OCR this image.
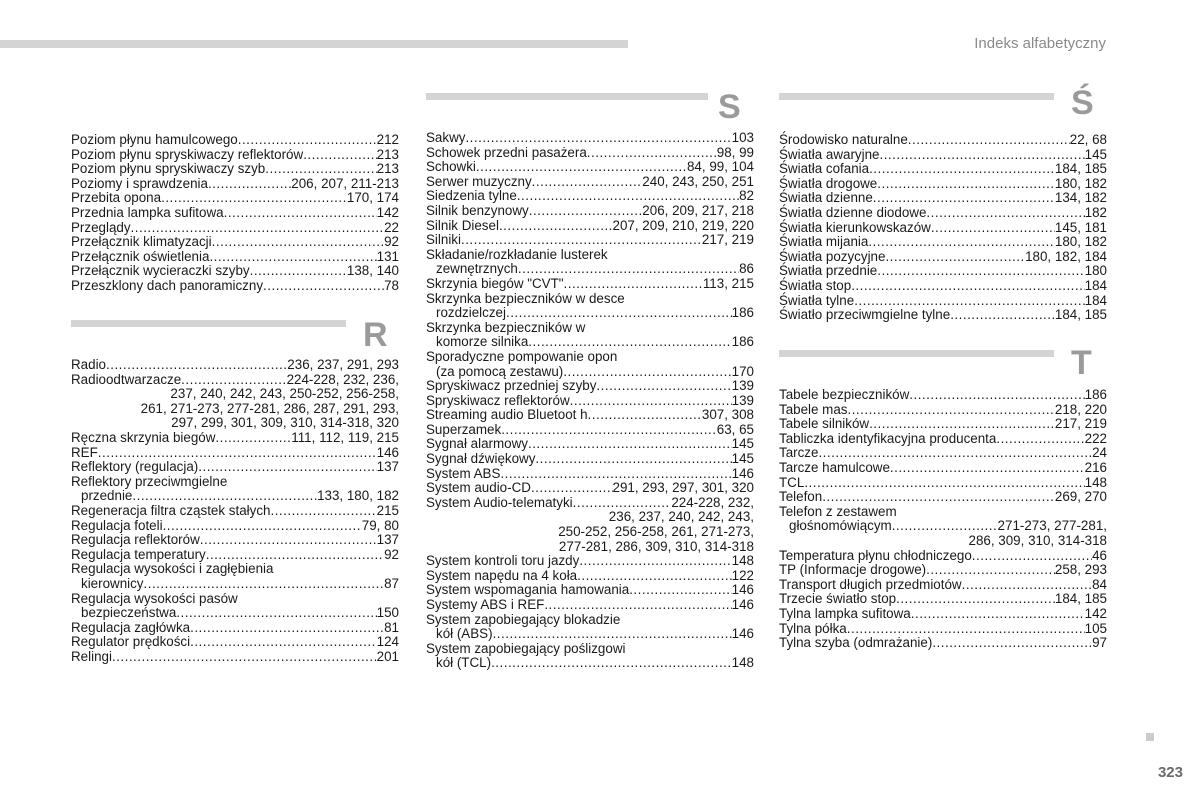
Indeks alfabetyczny
Poziom płynu hamulcowego .....	212
Poziom płynu spryskiwaczy reflektorów .....	213
Poziom płynu spryskiwaczy szyb .....	213
Poziomy i sprawdzenia .....	206, 207, 211-213
Przebita opona .....	170, 174
Przednia lampka sufitowa .....	142
Przeglądy .....	22
Przełącznik klimatyzacji .....	92
Przełącznik oświetlenia .....	131
Przełącznik wycieraczki szyby .....	138, 140
Przeszklony dach panoramiczny .....	78
R
Radio .....	236, 237, 291, 293
Radioodtwarzacze .....	224-228, 232, 236,
237, 240, 242, 243, 250-252, 256-258,
261, 271-273, 277-281, 286, 287, 291, 293,
297, 299, 301, 309, 310, 314-318, 320
Ręczna skrzynia biegów .....	111, 112, 119, 215
REF .....	146
Reflektory (regulacja) .....	137
Reflektory przeciwmgielne
przednie .....	133, 180, 182
Regeneracja filtra cząstek stałych .....	215
Regulacja foteli .....	79, 80
Regulacja reflektorów .....	137
Regulacja temperatury .....	92
Regulacja wysokości i zagłębienia
kierownicy .....	87
Regulacja wysokości pasów
bezpieczeństwa .....	150
Regulacja zagłówka .....	81
Regulator prędkości .....	124
Relingi .....	201
S
Sakwy .....	103
Schowek przedni pasażera .....	98, 99
Schowki .....	84, 99, 104
Serwer muzyczny .....	240, 243, 250, 251
Siedzenia tylne .....	82
Silnik benzynowy .....	206, 209, 217, 218
Silnik Diesel .....	207, 209, 210, 219, 220
Silniki .....	217, 219
Składanie/rozkładanie lusterek
zewnętrznych .....	86
Skrzynia biegów "CVT" .....	113, 215
Skrzynka bezpieczników w desce
rozdzielczej .....	186
Skrzynka bezpieczników w
komorze silnika .....	186
Sporadyczne pompowanie opon
(za pomocą zestawu) .....	170
Spryskiwacz przedniej szyby .....	139
Spryskiwacz reflektorów .....	139
Streaming audio Bluetoot h .....	307, 308
Superzamek .....	63, 65
Sygnał alarmowy .....	145
Sygnał dźwiękowy .....	145
System ABS .....	146
System audio-CD .....	291, 293, 297, 301, 320
System Audio-telematyki .....	224-228, 232,
236, 237, 240, 242, 243,
250-252, 256-258, 261, 271-273,
277-281, 286, 309, 310, 314-318
System kontroli toru jazdy .....	148
System napędu na 4 koła .....	122
System wspomagania hamowania .....	146
Systemy ABS i REF .....	146
System zapobiegający blokadzie
kół (ABS) .....	146
System zapobiegający poślizgowi
kół (TCL) .....	148
Ś
Środowisko naturalne .....	22, 68
Światła awaryjne .....	145
Światła cofania .....	184, 185
Światła drogowe .....	180, 182
Światła dzienne .....	134, 182
Światła dzienne diodowe .....	182
Światła kierunkowskazów .....	145, 181
Światła mijania .....	180, 182
Światła pozycyjne .....	180, 182, 184
Światła przednie .....	180
Światła stop .....	184
Światła tylne .....	184
Światło przeciwmgielne tylne .....	184, 185
T
Tabele bezpieczników .....	186
Tabele mas .....	218, 220
Tabele silników .....	217, 219
Tabliczka identyfikacyjna producenta .....	222
Tarcze .....	24
Tarcze hamulcowe .....	216
TCL .....	148
Telefon .....	269, 270
Telefon z zestawem
głośnomówiącym .....	271-273, 277-281,
286, 309, 310, 314-318
Temperatura płynu chłodniczego .....	46
TP (Informacje drogowe) .....	258, 293
Transport długich przedmiotów .....	84
Trzecie światło stop .....	184, 185
Tylna lampka sufitowa .....	142
Tylna półka .....	105
Tylna szyba (odmrażanie) .....	97
323
